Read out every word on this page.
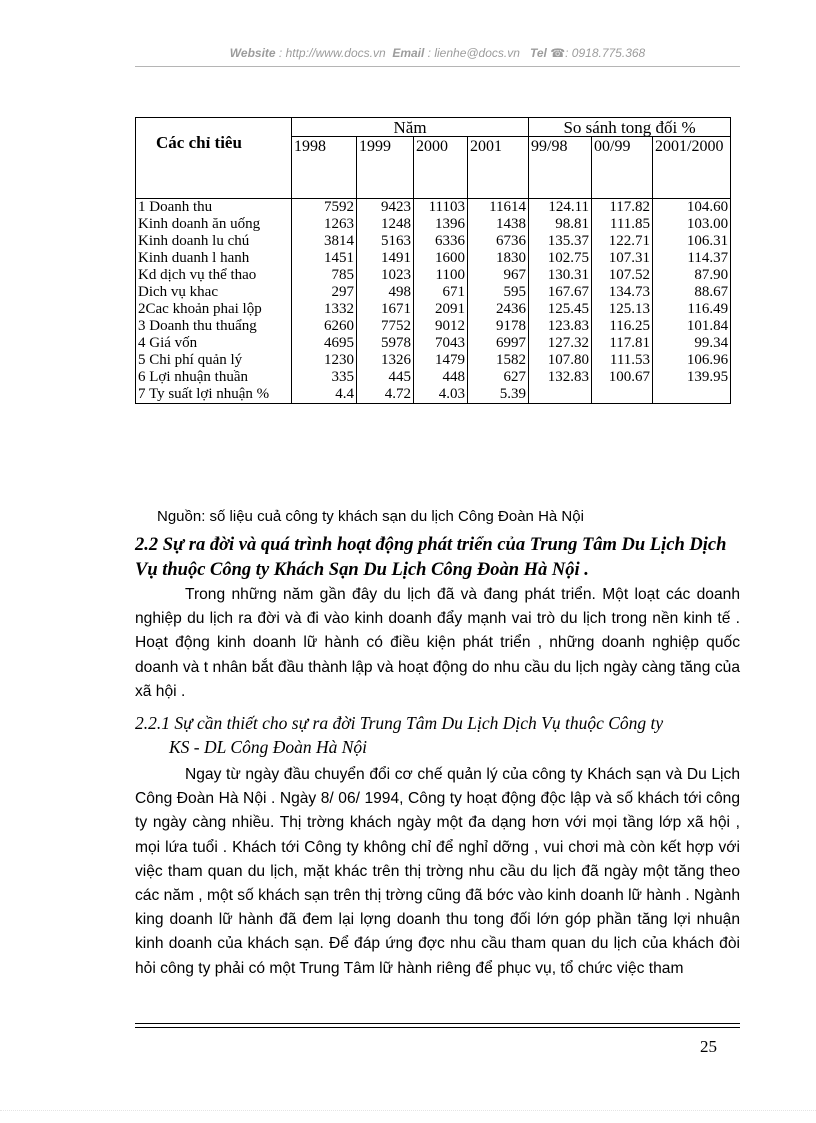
Website : http://www.docs.vn Email : lienhe@docs.vn Tel ☎: 0918.775.368
Các chỉ tiêu	Năm				So sánh tong đối %		
	1998	1999	2000	2001	99/98	00/99	2001/2000
1 Doanh thu	7592	9423	11103	11614	124.11	117.82	104.60
Kinh doanh ăn uống	1263	1248	1396	1438	98.81	111.85	103.00
Kinh doanh lu chú	3814	5163	6336	6736	135.37	122.71	106.31
Kinh duanh l hanh	1451	1491	1600	1830	102.75	107.31	114.37
Kd dịch vụ thể thao	785	1023	1100	967	130.31	107.52	87.90
Dich vụ khac	297	498	671	595	167.67	134.73	88.67
2Cac khoản phai lộp	1332	1671	2091	2436	125.45	125.13	116.49
3 Doanh thu thuẩng	6260	7752	9012	9178	123.83	116.25	101.84
4 Giá vốn	4695	5978	7043	6997	127.32	117.81	99.34
5 Chi phí quản lý	1230	1326	1479	1582	107.80	111.53	106.96
6 Lợi nhuận thuần	335	445	448	627	132.83	100.67	139.95
7 Ty suất lợi nhuận %	4.4	4.72	4.03	5.39			
Nguồn: số liệu cuả công ty khách sạn du lịch Công Đoàn Hà Nội
2.2 Sự ra đời và quá trình hoạt động phát triển của Trung Tâm Du Lịch Dịch Vụ thuộc Công ty Khách Sạn Du Lịch Công Đoàn Hà Nội .

Trong những năm gần đây du lịch đã và đang phát triển. Một loạt các doanh nghiệp du lịch ra đời và đi vào kinh doanh đẩy mạnh vai trò du lịch trong nền kinh tế . Hoạt động kinh doanh lữ hành có điều kiện phát triển , những doanh nghiệp quốc doanh và t nhân bắt đầu thành lập và hoạt động do nhu cầu du lịch ngày càng tăng của xã hội .

2.2.1 Sự cần thiết cho sự ra đời Trung Tâm Du Lịch Dịch Vụ thuộc Công ty
KS - DL Công Đoàn Hà Nội

Ngay từ ngày đầu chuyển đổi cơ chế quản lý của công ty Khách sạn và Du Lịch Công Đoàn Hà Nội . Ngày 8/ 06/ 1994, Công ty hoạt động độc lập và số khách tới công ty ngày càng nhiều. Thị trờng khách ngày một đa dạng hơn với mọi tầng lớp xã hội , mọi lứa tuổi . Khách tới Công ty không chỉ để nghỉ dỡng , vui chơi mà còn kết hợp với việc tham quan du lịch, mặt khác trên thị trờng nhu cầu du lịch đã ngày một tăng theo các năm , một số khách sạn trên thị trờng cũng đã bớc vào kinh doanh lữ hành . Ngành king doanh lữ hành đã đem lại lợng doanh thu tong đối lớn góp phần tăng lợi nhuận kinh doanh của khách sạn. Để đáp ứng đợc nhu cầu tham quan du lịch của khách đòi hỏi công ty phải có một Trung Tâm lữ hành riêng để phục vụ, tổ chức việc tham

25
